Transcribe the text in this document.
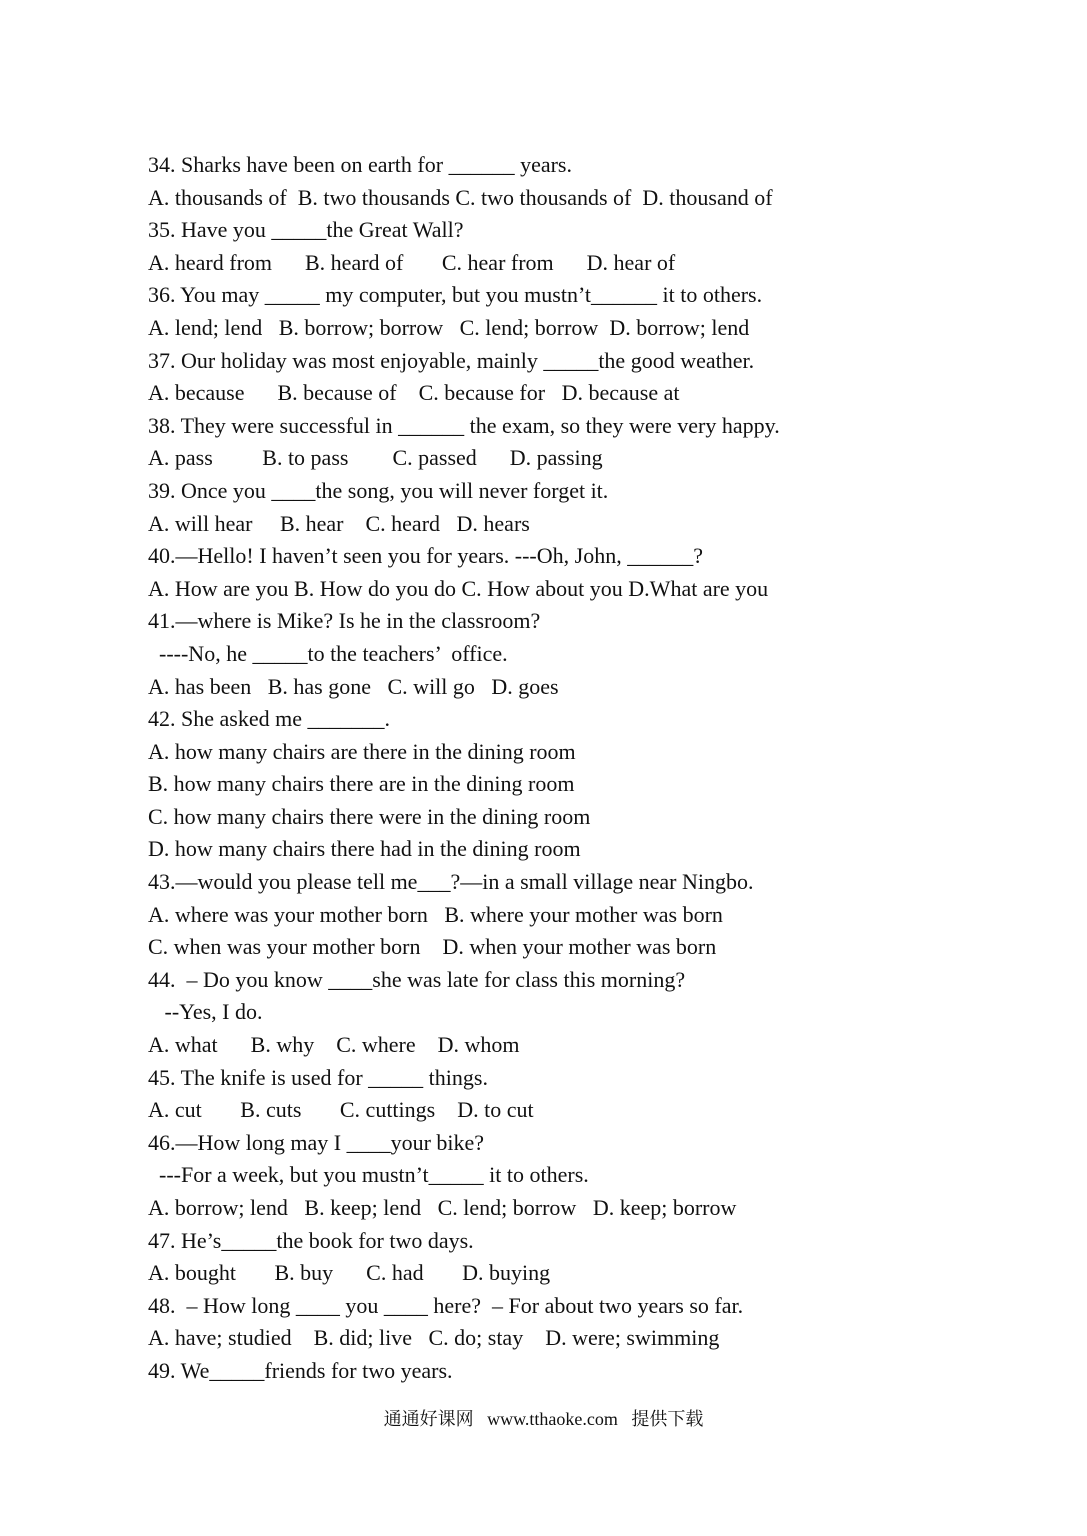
34. Sharks have been on earth for ______ years.
A. thousands of  B. two thousands C. two thousands of  D. thousand of
35. Have you _____the Great Wall?
A. heard from      B. heard of       C. hear from      D. hear of
36. You may _____ my computer, but you mustn’t______ it to others.
A. lend; lend   B. borrow; borrow   C. lend; borrow  D. borrow; lend
37. Our holiday was most enjoyable, mainly _____the good weather.
A. because      B. because of    C. because for   D. because at
38. They were successful in ______ the exam, so they were very happy.
A. pass         B. to pass        C. passed      D. passing
39. Once you ____the song, you will never forget it.
A. will hear     B. hear    C. heard   D. hears
40.—Hello! I haven’t seen you for years. ---Oh, John, ______?
A. How are you B. How do you do C. How about you D.What are you
41.—where is Mike? Is he in the classroom?
----No, he _____to the teachers’  office.
A. has been   B. has gone   C. will go   D. goes
42. She asked me _______.
A. how many chairs are there in the dining room
B. how many chairs there are in the dining room
C. how many chairs there were in the dining room
D. how many chairs there had in the dining room
43.—would you please tell me___?—in a small village near Ningbo.
A. where was your mother born   B. where your mother was born
C. when was your mother born    D. when your mother was born
44.  – Do you know ____she was late for class this morning?
--Yes, I do.
A. what      B. why    C. where    D. whom
45. The knife is used for _____ things.
A. cut       B. cuts       C. cuttings    D. to cut
46.—How long may I ____your bike?
---For a week, but you mustn’t_____ it to others.
A. borrow; lend   B. keep; lend   C. lend; borrow   D. keep; borrow
47. He’s_____the book for two days.
A. bought       B. buy      C. had       D. buying
48.  – How long ____ you ____ here?  – For about two years so far.
A. have; studied    B. did; live   C. do; stay    D. were; swimming
49. We_____friends for two years.
通通好课网   www.tthaoke.com   提供下载
